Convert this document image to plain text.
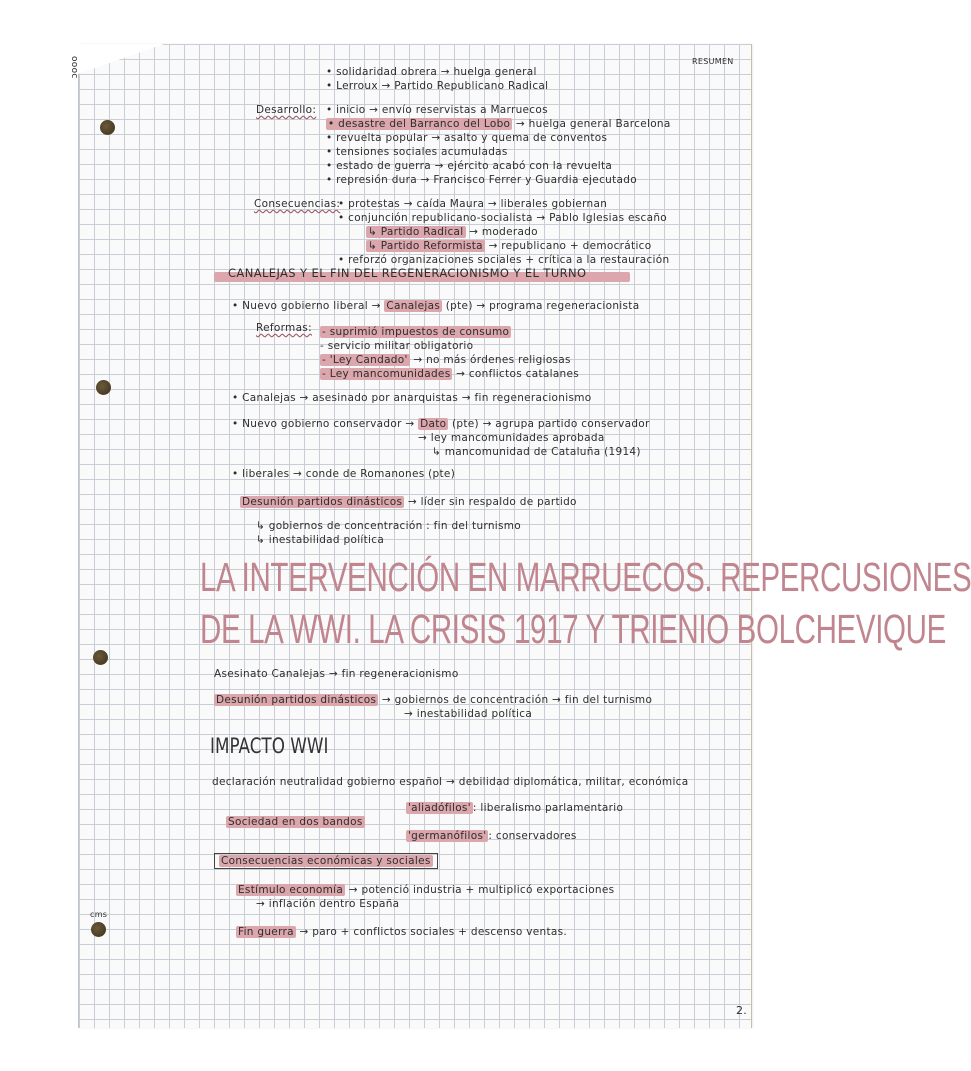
oooc
cms
RESUMEN
2.
• solidaridad obrera → huelga general
• Lerroux → Partido Republicano Radical
Desarrollo: • inicio → envío reservistas a Marruecos
• desastre del Barranco del Lobo → huelga general Barcelona
• revuelta popular → asalto y quema de conventos
• tensiones sociales acumuladas
• estado de guerra → ejército acabó con la revuelta
• represión dura → Francisco Ferrer y Guardia ejecutado
Consecuencias:
• protestas → caída Maura → liberales gobiernan
• conjunción republicano-socialista → Pablo Iglesias escaño
↳ Partido Radical → moderado
↳ Partido Reformista → republicano + democrático
• reforzó organizaciones sociales + crítica a la restauración
CANALEJAS Y EL FIN DEL REGENERACIONISMO Y EL TURNO
• Nuevo gobierno liberal → Canalejas (pte) → programa regeneracionista
Reformas: - suprimió impuestos de consumo
- servicio militar obligatorio
- 'Ley Candado' → no más órdenes religiosas
- Ley mancomunidades → conflictos catalanes
• Canalejas → asesinado por anarquistas → fin regeneracionismo
• Nuevo gobierno conservador → Dato (pte) → agrupa partido conservador
→ ley mancomunidades aprobada
↳ mancomunidad de Cataluña (1914)
• liberales → conde de Romanones (pte)
Desunión partidos dinásticos → líder sin respaldo de partido
↳ gobiernos de concentración : fin del turnismo
↳ inestabilidad política
LA INTERVENCIÓN EN MARRUECOS. REPERCUSIONES
DE LA WWI. LA CRISIS 1917 Y TRIENIO BOLCHEVIQUE
Asesinato Canalejas → fin regeneracionismo
Desunión partidos dinásticos → gobiernos de concentración → fin del turnismo
→ inestabilidad política
IMPACTO WWI
declaración neutralidad gobierno español → debilidad diplomática, militar, económica
Sociedad en dos bandos
'aliadófilos' : liberalismo parlamentario
'germanófilos' : conservadores
Consecuencias económicas y sociales
Estímulo economía → potenció industria + multiplicó exportaciones
→ inflación dentro España
Fin guerra → paro + conflictos sociales + descenso ventas.
